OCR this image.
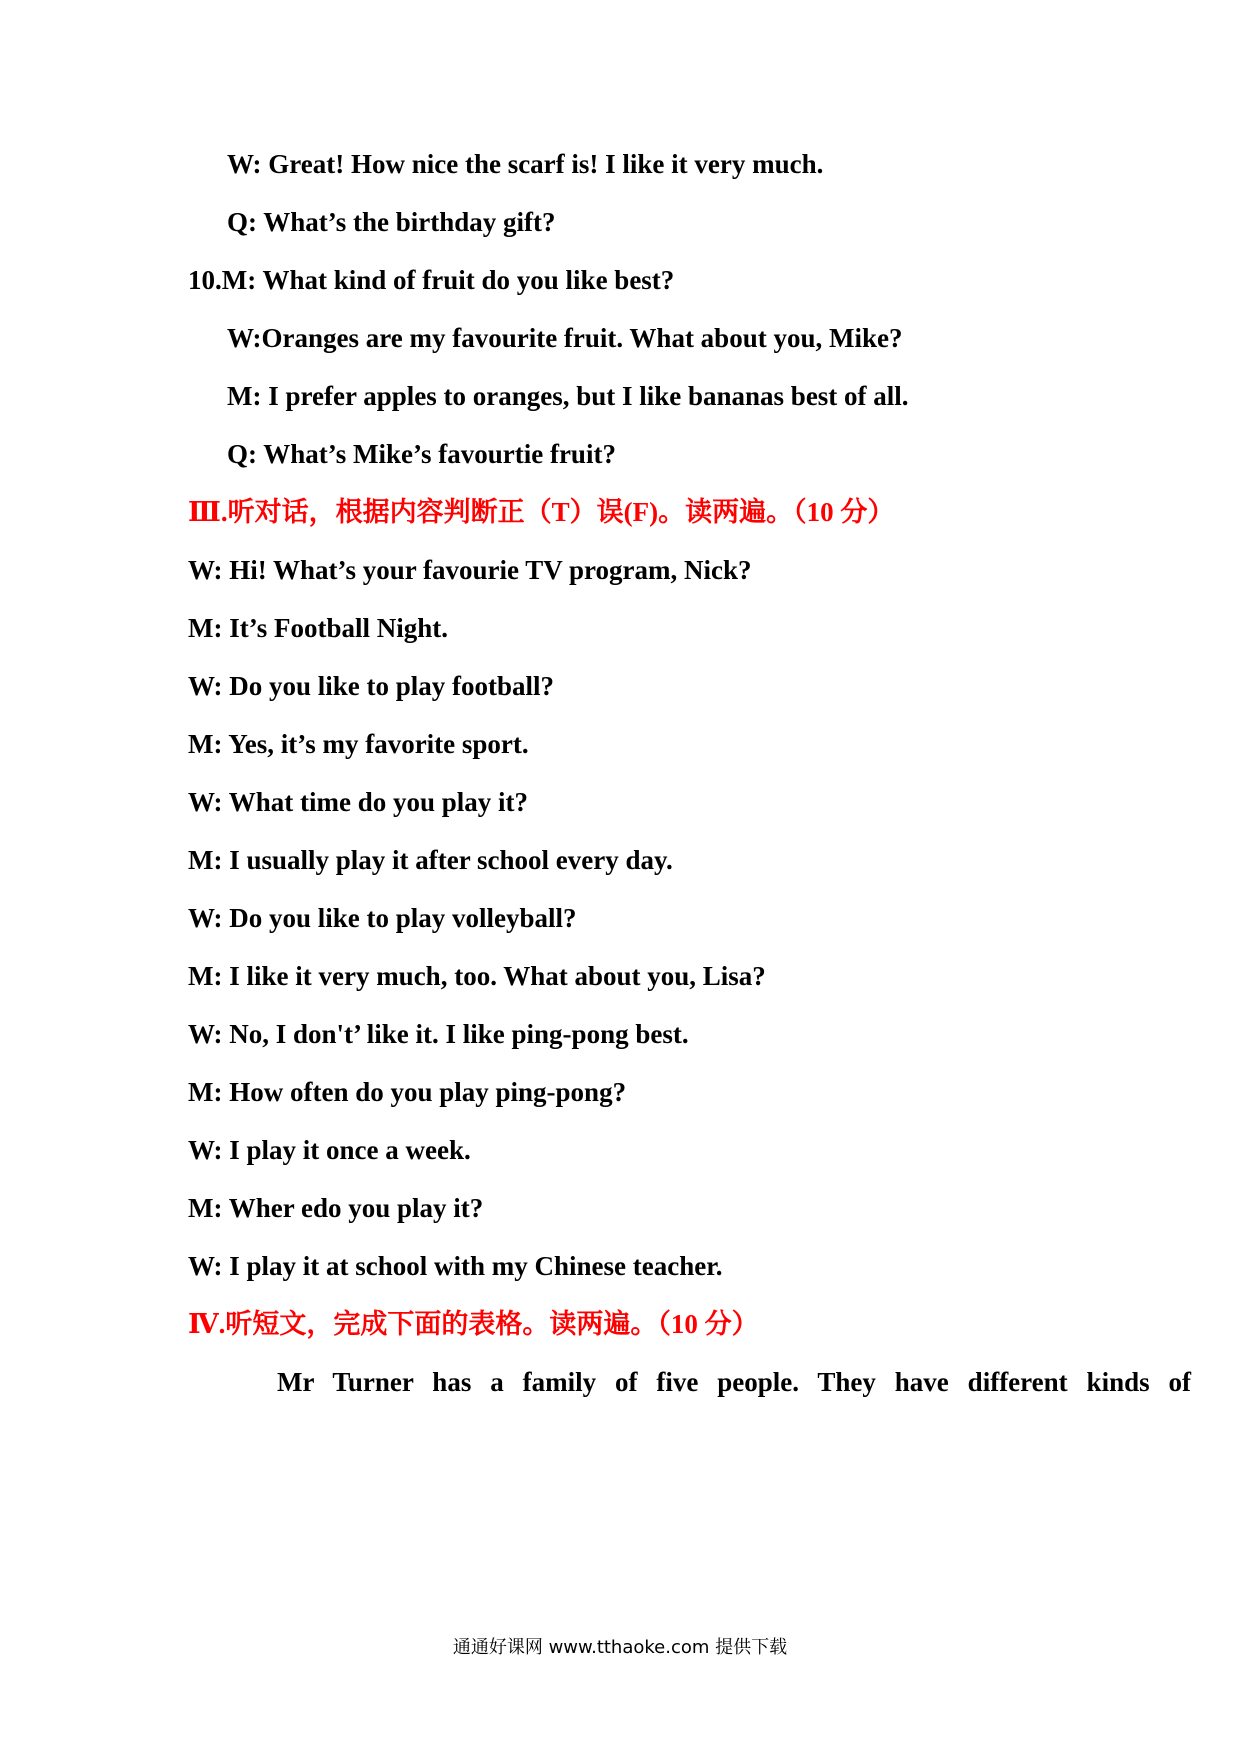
W: Great! How nice the scarf is! I like it very much.
Q: What’s the birthday gift?
10.M: What kind of fruit do you like best?
W:Oranges are my favourite fruit. What about you, Mike?
M: I prefer apples to oranges, but I like bananas best of all.
Q: What’s Mike’s favourtie fruit?
Ⅲ.听对话，根据内容判断正（T）误(F)。读两遍。（10 分）
W: Hi! What’s your favourie TV program, Nick?
M: It’s Football Night.
W: Do you like to play football?
M: Yes, it’s my favorite sport.
W: What time do you play it?
M: I usually play it after school every day.
W: Do you like to play volleyball?
M: I like it very much, too. What about you, Lisa?
W: No, I don't’ like it. I like ping-pong best.
M: How often do you play ping-pong?
W: I play it once a week.
M: Wher edo you play it?
W: I play it at school with my Chinese teacher.
Ⅳ.听短文，完成下面的表格。读两遍。（10 分）
Mr Turner has a family of five people. They have different kinds of
通通好课网 www.tthaoke.com 提供下载
